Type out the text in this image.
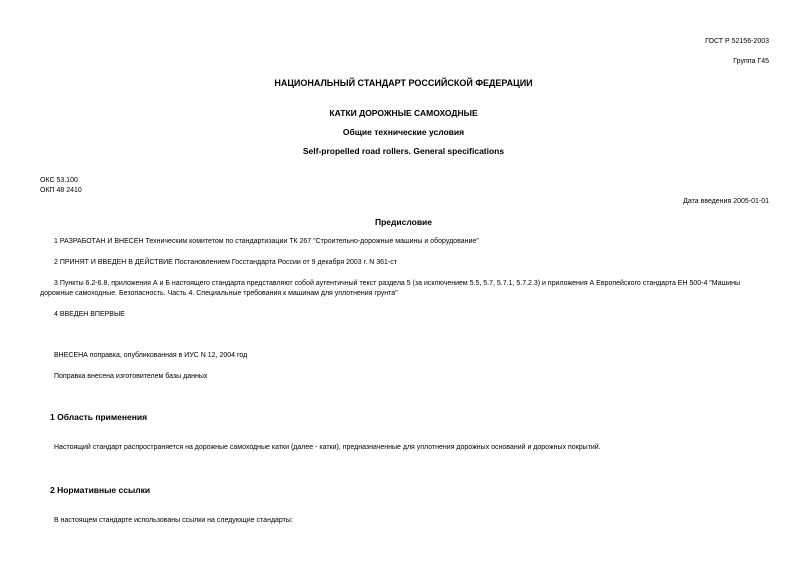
ГОСТ Р 52156-2003
Группа Г45
НАЦИОНАЛЬНЫЙ СТАНДАРТ РОССИЙСКОЙ ФЕДЕРАЦИИ
КАТКИ ДОРОЖНЫЕ САМОХОДНЫЕ
Общие технические условия
Self-propelled road rollers. General specifications
ОКС 53.100
ОКП 48 2410
Дата введения 2005-01-01
Предисловие
1 РАЗРАБОТАН И ВНЕСЕН Техническим комитетом по стандартизации ТК 267 "Строительно-дорожные машины и оборудование"
2 ПРИНЯТ И ВВЕДЕН В ДЕЙСТВИЕ Постановлением Госстандарта России от 9 декабря 2003 г. N 361-ст
3 Пункты 6.2-6.8, приложения А и Б настоящего стандарта представляют собой аутентичный текст раздела 5 (за исключением 5.5, 5.7, 5.7.1, 5.7.2.3) и приложения А Европейского стандарта ЕН 500-4 "Машины
дорожные самоходные. Безопасность. Часть 4. Специальные требования к машинам для уплотнения грунта"
4 ВВЕДЕН ВПЕРВЫЕ
ВНЕСЕНА поправка, опубликованная в ИУС N 12, 2004 год
Поправка внесена изготовителем базы данных
1 Область применения
Настоящий стандарт распространяется на дорожные самоходные катки (далее - катки), предназначенные для уплотнения дорожных оснований и дорожных покрытий.
2 Нормативные ссылки
В настоящем стандарте использованы ссылки на следующие стандарты:
